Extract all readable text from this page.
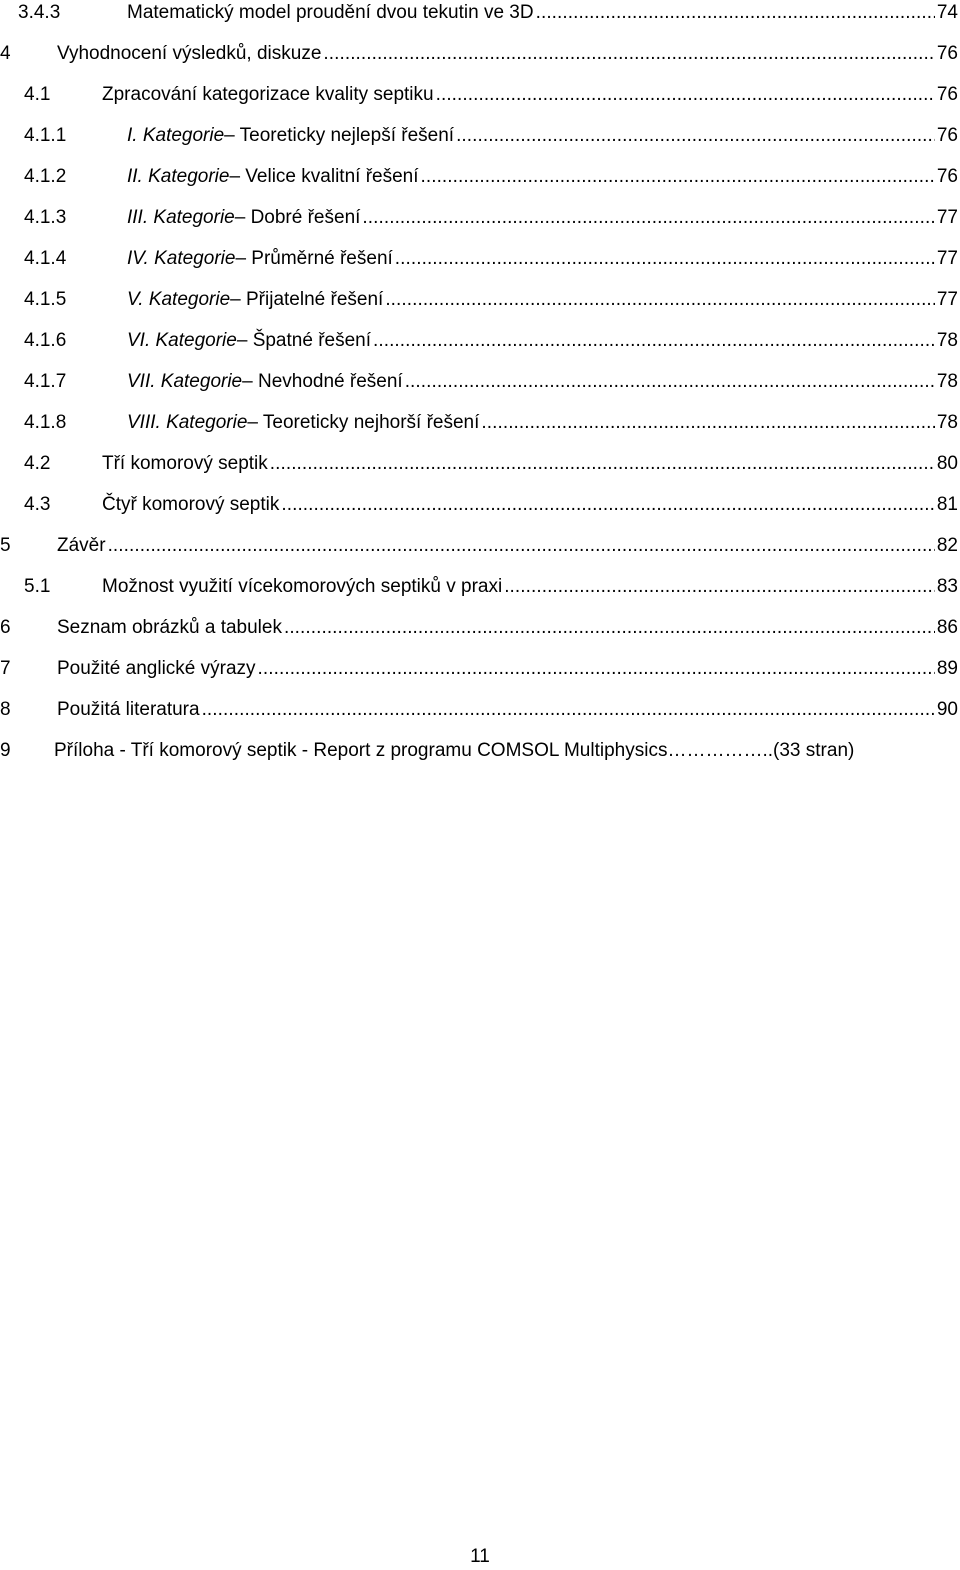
3.4.3	Matematický model proudění dvou tekutin ve 3D . . .	74
4	Vyhodnocení výsledků, diskuze . . .	76
4.1	Zpracování kategorizace kvality septiku . . .	76
4.1.1	I. Kategorie – Teoreticky nejlepší řešení . . .	76
4.1.2	II. Kategorie – Velice kvalitní řešení . . .	76
4.1.3	III. Kategorie – Dobré řešení . . .	77
4.1.4	IV. Kategorie – Průměrné řešení . . .	77
4.1.5	V. Kategorie – Přijatelné řešení . . .	77
4.1.6	VI. Kategorie – Špatné řešení . . .	78
4.1.7	VII. Kategorie – Nevhodné řešení . . .	78
4.1.8	VIII. Kategorie – Teoreticky nejhorší řešení . . .	78
4.2	Tří komorový septik . . .	80
4.3	Čtyř komorový septik . . .	81
5	Závěr . . .	82
5.1	Možnost využití vícekomorových septiků v praxi . . .	83
6	Seznam obrázků a tabulek . . .	86
7	Použité anglické výrazy . . .	89
8	Použitá literatura . . .	90
9	Příloha - Tří komorový septik - Report z programu COMSOL Multiphysics ……………..(33 stran)
11
